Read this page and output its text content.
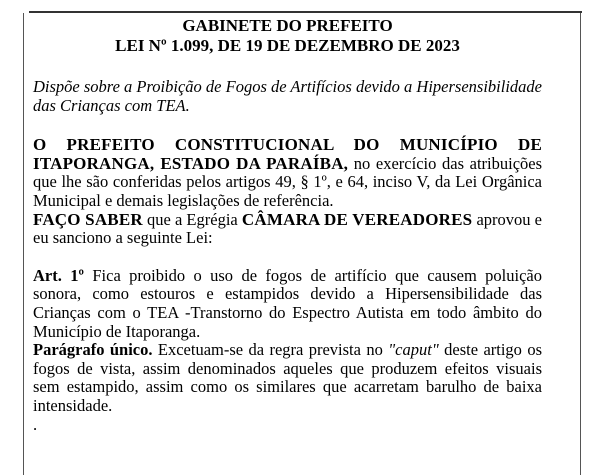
GABINETE DO PREFEITO

LEI Nº 1.099, DE 19 DE DEZEMBRO DE 2023

Dispõe sobre a Proibição de Fogos de Artifícios devido a Hipersensibilidade das Crianças com TEA.

O PREFEITO CONSTITUCIONAL DO MUNICÍPIO DE ITAPORANGA, ESTADO DA PARAÍBA, no exercício das atribuições que lhe são conferidas pelos artigos 49, § 1º, e 64, inciso V, da Lei Orgânica Municipal e demais legislações de referência.

FAÇO SABER que a Egrégia CÂMARA DE VEREADORES aprovou e eu sanciono a seguinte Lei:

Art. 1º Fica proibido o uso de fogos de artifício que causem poluição sonora, como estouros e estampidos devido a Hipersensibilidade das Crianças com o TEA -Transtorno do Espectro Autista em todo âmbito do Município de Itaporanga.

Parágrafo único. Excetuam-se da regra prevista no "caput" deste artigo os fogos de vista, assim denominados aqueles que produzem efeitos visuais sem estampido, assim como os similares que acarretam barulho de baixa intensidade.

.
